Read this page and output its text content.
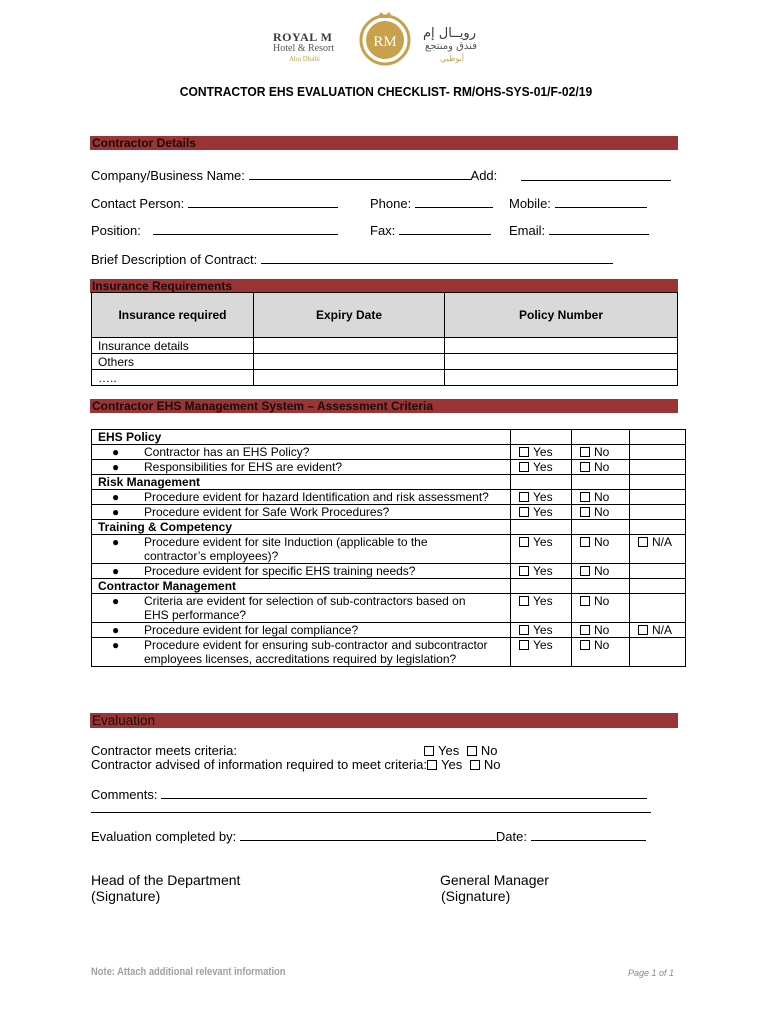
ROYAL M
Hotel & Resort
Abu Dhabi
RM
رويــال إم
فندق ومنتجع
أبوظبي
CONTRACTOR EHS EVALUATION CHECKLIST- RM/OHS-SYS-01/F-02/19
Contractor Details
Company/Business Name:	Add:
Contact Person:	Phone:	Mobile:
Position:	Fax:	Email:
Brief Description of Contract:
Insurance Requirements
Insurance required	Expiry Date	Policy Number
Insurance details		
Others		
…..		
Contractor EHS Management System – Assessment Criteria
EHS Policy			
● Contractor has an EHS Policy?	Yes	No	
● Responsibilities for EHS are evident?	Yes	No	
Risk Management			
● Procedure evident for hazard Identification and risk assessment?	Yes	No	
● Procedure evident for Safe Work Procedures?	Yes	No	
Training & Competency			
● Procedure evident for site Induction (applicable to the contractor’s employees)?	Yes	No	N/A
● Procedure evident for specific EHS training needs?	Yes	No	
Contractor Management			
● Criteria are evident for selection of sub-contractors based on EHS performance?	Yes	No	
● Procedure evident for legal compliance?	Yes	No	N/A
● Procedure evident for ensuring sub-contractor and subcontractor employees licenses, accreditations required by legislation?	Yes	No	
Evaluation
Contractor meets criteria:	Yes No
Contractor advised of information required to meet criteria: Yes No
Comments:
Evaluation completed by:	Date:
Head of the Department
(Signature)
General Manager
(Signature)
Note: Attach additional relevant information	Page 1 of 1
